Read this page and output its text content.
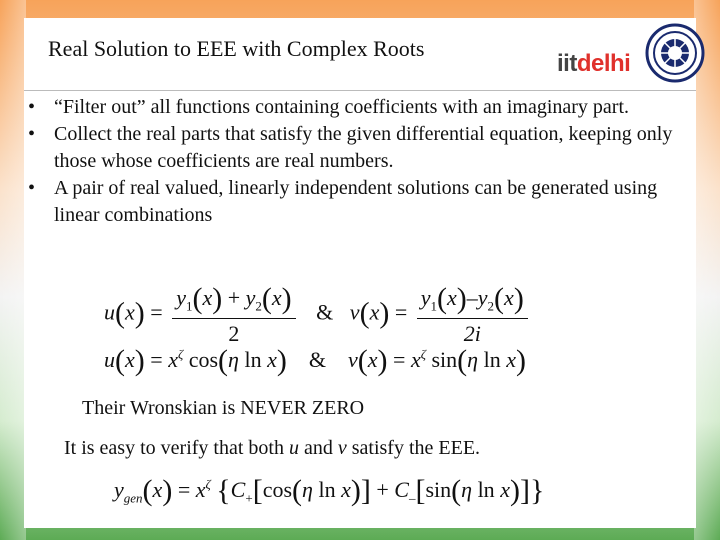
Real Solution to EEE with Complex Roots
iitdelhi
• “Filter out” all functions containing coefficients with an imaginary part.
• Collect the real parts that satisfy the given differential equation, keeping only those whose coefficients are real numbers.
• A pair of real valued, linearly independent solutions can be generated using linear combinations
$u(x) = \frac{y_1(x) + y_2(x)}{2}$ & $v(x) = \frac{y_1(x)-y_2(x)}{2i}$
$u(x) = x^\zeta$ cos(η ln x) & $v(x) = x^\zeta$ sin(η ln x)
Their Wronskian is NEVER ZERO
It is easy to verify that both u and v satisfy the EEE.
$y_{gen}(x) = x^\zeta$ {$C_+[\cos(\eta$ $\ln x)] + C_-[\sin(\eta$ ln x)]}
